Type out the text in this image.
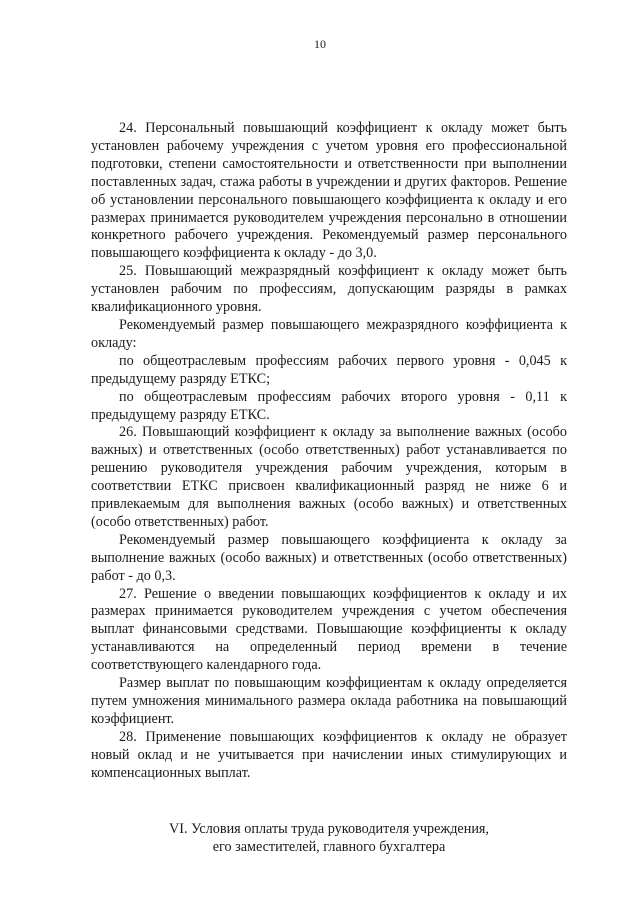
10

24. Персональный повышающий коэффициент к окладу может быть установлен рабочему учреждения с учетом уровня его профессиональной подготовки, степени самостоятельности и ответственности при выполнении поставленных задач, стажа работы в учреждении и других факторов. Решение об установлении персонального повышающего коэффициента к окладу и его размерах принимается руководителем учреждения персонально в отношении конкретного рабочего учреждения. Рекомендуемый размер персонального повышающего коэффициента к окладу - до 3,0.

25. Повышающий межразрядный коэффициент к окладу может быть установлен рабочим по профессиям, допускающим разряды в рамках квалификационного уровня.

Рекомендуемый размер повышающего межразрядного коэффициента к окладу:

по общеотраслевым профессиям рабочих первого уровня - 0,045 к предыдущему разряду ЕТКС;

по общеотраслевым профессиям рабочих второго уровня - 0,11 к предыдущему разряду ЕТКС.

26. Повышающий коэффициент к окладу за выполнение важных (особо важных) и ответственных (особо ответственных) работ устанавливается по решению руководителя учреждения рабочим учреждения, которым в соответствии ЕТКС присвоен квалификационный разряд не ниже 6 и привлекаемым для выполнения важных (особо важных) и ответственных (особо ответственных) работ.

Рекомендуемый размер повышающего коэффициента к окладу за выполнение важных (особо важных) и ответственных (особо ответственных) работ - до 0,3.

27. Решение о введении повышающих коэффициентов к окладу и их размерах принимается руководителем учреждения с учетом обеспечения выплат финансовыми средствами. Повышающие коэффициенты к окладу устанавливаются на определенный период времени в течение соответствующего календарного года.

Размер выплат по повышающим коэффициентам к окладу определяется путем умножения минимального размера оклада работника на повышающий коэффициент.

28. Применение повышающих коэффициентов к окладу не образует новый оклад и не учитывается при начислении иных стимулирующих и компенсационных выплат.

VI. Условия оплаты труда руководителя учреждения,
его заместителей, главного бухгалтера
